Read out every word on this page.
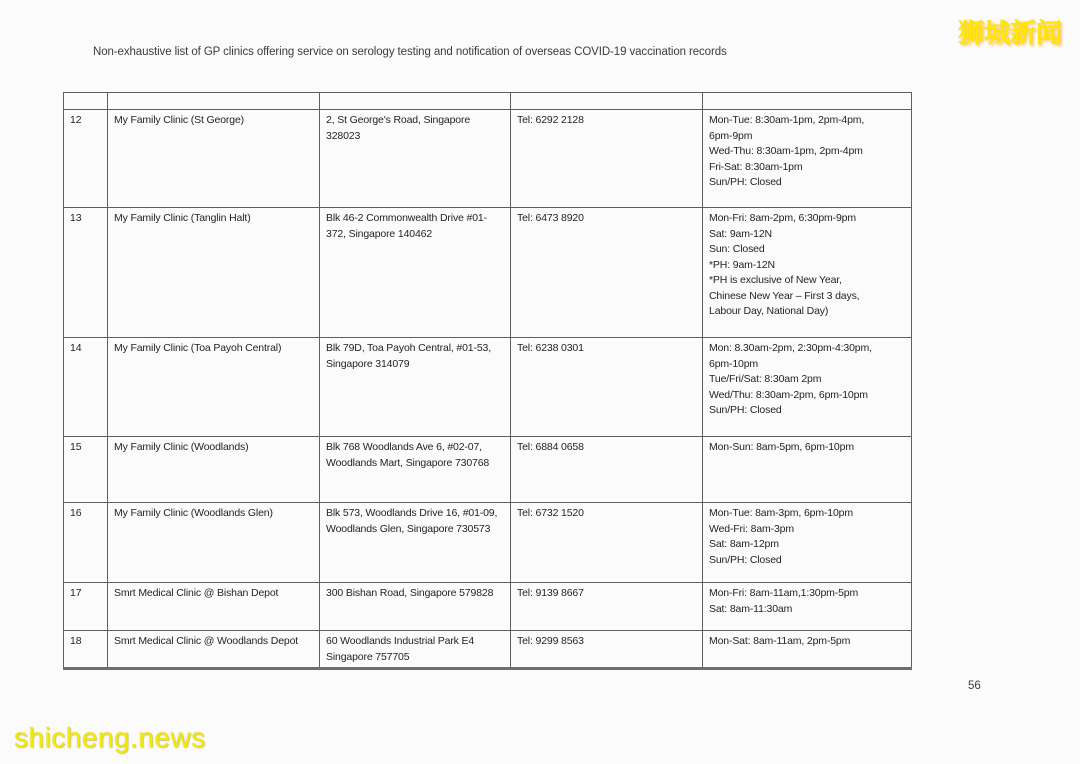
Non-exhaustive list of GP clinics offering service on serology testing and notification of overseas COVID-19 vaccination records

12	My Family Clinic (St George)	2, St George's Road, Singapore 328023	Tel: 6292 2128	Mon-Tue: 8:30am-1pm, 2pm-4pm,
6pm-9pm
Wed-Thu: 8:30am-1pm, 2pm-4pm
Fri-Sat: 8:30am-1pm
Sun/PH: Closed
13	My Family Clinic (Tanglin Halt)	Blk 46-2 Commonwealth Drive #01-372, Singapore 140462	Tel: 6473 8920	Mon-Fri: 8am-2pm, 6:30pm-9pm
Sat: 9am-12N
Sun: Closed
*PH: 9am-12N
*PH is exclusive of New Year,
Chinese New Year – First 3 days,
Labour Day, National Day)
14	My Family Clinic (Toa Payoh Central)	Blk 79D, Toa Payoh Central, #01-53, Singapore 314079	Tel: 6238 0301	Mon: 8.30am-2pm, 2:30pm-4:30pm,
6pm-10pm
Tue/Fri/Sat: 8:30am 2pm
Wed/Thu: 8:30am-2pm, 6pm-10pm
Sun/PH: Closed
15	My Family Clinic (Woodlands)	Blk 768 Woodlands Ave 6, #02-07, Woodlands Mart, Singapore 730768	Tel: 6884 0658	Mon-Sun: 8am-5pm, 6pm-10pm
16	My Family Clinic (Woodlands Glen)	Blk 573, Woodlands Drive 16, #01-09, Woodlands Glen, Singapore 730573	Tel: 6732 1520	Mon-Tue: 8am-3pm, 6pm-10pm
Wed-Fri: 8am-3pm
Sat: 8am-12pm
Sun/PH: Closed
17	Smrt Medical Clinic @ Bishan Depot	300 Bishan Road, Singapore 579828	Tel: 9139 8667	Mon-Fri: 8am-11am,1:30pm-5pm
Sat: 8am-11:30am
18	Smrt Medical Clinic @ Woodlands Depot	60 Woodlands Industrial Park E4 Singapore 757705	Tel: 9299 8563	Mon-Sat: 8am-11am, 2pm-5pm
56
狮城新闻
shicheng.news
